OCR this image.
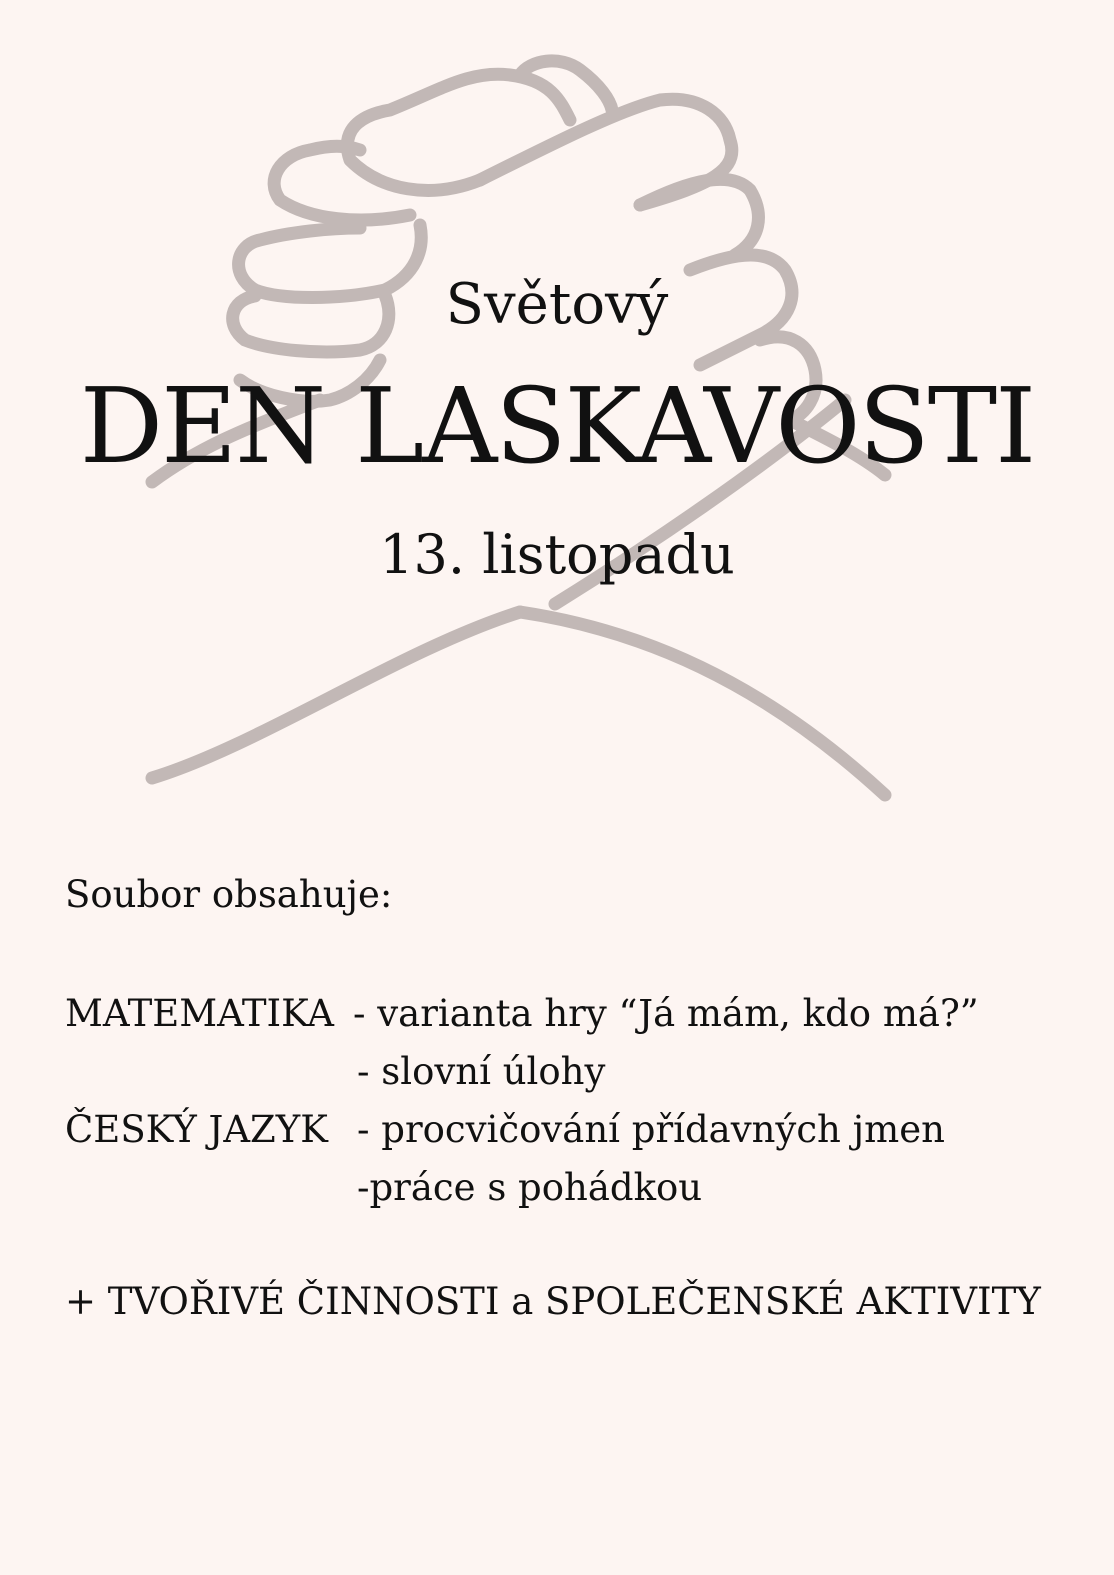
Světový
DEN LASKAVOSTI
13. listopadu
Soubor obsahuje:
MATEMATIKA - varianta hry “Já mám, kdo má?”
- slovní úlohy
ČESKÝ JAZYK - procvičování přídavných jmen
-práce s pohádkou
+ TVOŘIVÉ ČINNOSTI a SPOLEČENSKÉ AKTIVITY
